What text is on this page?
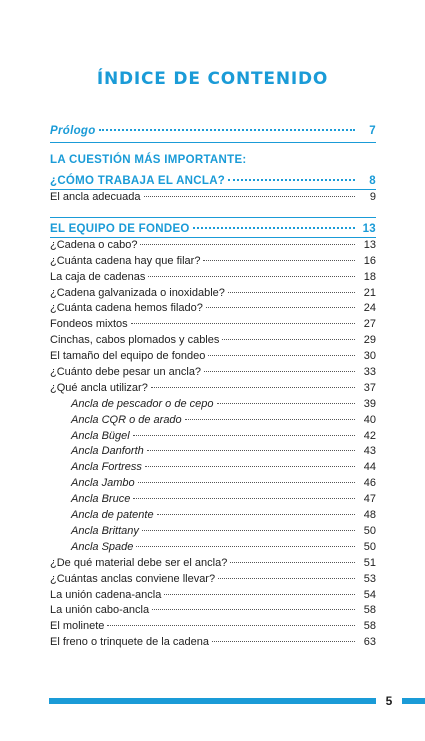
ÍNDICE DE CONTENIDO
Prólogo	7
LA CUESTIÓN MÁS IMPORTANTE:
¿CÓMO TRABAJA EL ANCLA?	8
El ancla adecuada	9
EL EQUIPO DE FONDEO	13
¿Cadena o cabo?	13
¿Cuánta cadena hay que filar?	16
La caja de cadenas	18
¿Cadena galvanizada o inoxidable?	21
¿Cuánta cadena hemos filado?	24
Fondeos mixtos	27
Cinchas, cabos plomados y cables	29
El tamaño del equipo de fondeo	30
¿Cuánto debe pesar un ancla?	33
¿Qué ancla utilizar?	37
Ancla de pescador o de cepo	39
Ancla CQR o de arado	40
Ancla Bügel	42
Ancla Danforth	43
Ancla Fortress	44
Ancla Jambo	46
Ancla Bruce	47
Ancla de patente	48
Ancla Brittany	50
Ancla Spade	50
¿De qué material debe ser el ancla?	51
¿Cuántas anclas conviene llevar?	53
La unión cadena-ancla	54
La unión cabo-ancla	58
El molinete	58
El freno o trinquete de la cadena	63
5
